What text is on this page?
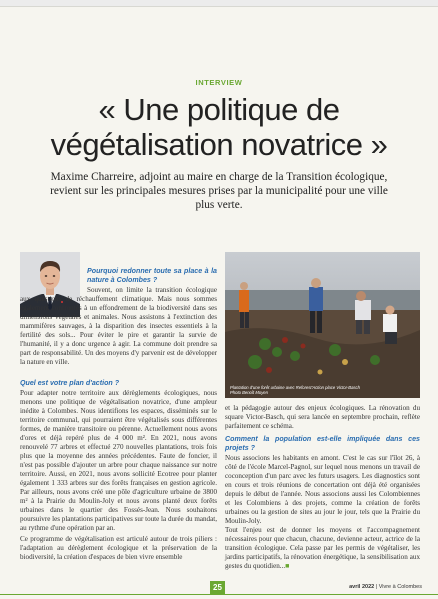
INTERVIEW
« Une politique de
végétalisation novatrice »
Maxime Charreire, adjoint au maire en charge de la Transition écologique, revient sur les principales mesures prises par la municipalité pour une ville plus verte.

Pourquoi redonner toute sa place à la nature à Colombes ?

Souvent, on limite la transition écologique aux questions de réchauffement climatique. Mais nous sommes également confrontés à un effondrement de la biodiversité dans ses dimensions végétales et animales. Nous assistons à l'extinction des mammifères sauvages, à la disparition des insectes essentiels à la fertilité des sols... Pour éviter le pire et garantir la survie de l'humanité, il y a donc urgence à agir. La commune doit prendre sa part de responsabilité. Un des moyens d'y parvenir est de développer la nature en ville.

Quel est votre plan d'action ?

Pour adapter notre territoire aux dérèglements écologiques, nous menons une politique de végétalisation novatrice, d'une ampleur inédite à Colombes. Nous identifions les espaces, disséminés sur le territoire communal, qui pourraient être végétalisés sous différentes formes, de manière transitoire ou pérenne. Actuellement nous avons d'ores et déjà repéré plus de 4 000 m². En 2021, nous avons renouvelé 77 arbres et effectué 270 nouvelles plantations, trois fois plus que la moyenne des années précédentes. Faute de foncier, il n'est pas possible d'ajouter un arbre pour chaque naissance sur notre territoire. Aussi, en 2021, nous avons sollicité Ecotree pour planter également 1 333 arbres sur des forêts françaises en gestion agricole. Par ailleurs, nous avons créé une pôle d'agriculture urbaine de 3800 m² à la Prairie du Moulin-Joly et nous avons planté deux forêts urbaines dans le quartier des Fossés-Jean. Nous souhaitons poursuivre les plantations participatives sur toute la durée du mandat, au rythme d'une opération par an.

Ce programme de végétalisation est articulé autour de trois piliers : l'adaptation au dérèglement écologique et la préservation de la biodiversité, la création d'espaces de bien vivre ensemble

Plantation d'une forêt urbaine avec Reforest'Action place Victor-Basch
Photo Benoît Moyen

et la pédagogie autour des enjeux écologiques. La rénovation du square Victor-Basch, qui sera lancée en septembre prochain, reflète parfaitement ce schéma.

Comment la population est-elle impliquée dans ces projets ?

Nous associons les habitants en amont. C'est le cas sur l'îlot 26, à côté de l'école Marcel-Pagnol, sur lequel nous menons un travail de coconception d'un parc avec les futurs usagers. Les diagnostics sont en cours et trois réunions de concertation ont déjà été organisées depuis le début de l'année. Nous associons aussi les Colombiennes et les Colombiens à des projets, comme la création de forêts urbaines ou la gestion de sites au jour le jour, tels que la Prairie du Moulin-Joly.

Tout l'enjeu est de donner les moyens et l'accompagnement nécessaires pour que chacun, chacune, devienne acteur, actrice de la transition écologique. Cela passe par les permis de végétaliser, les jardins participatifs, la rénovation énergétique, la sensibilisation aux gestes du quotidien...■

25	avril 2022 | Vivre à Colombes
